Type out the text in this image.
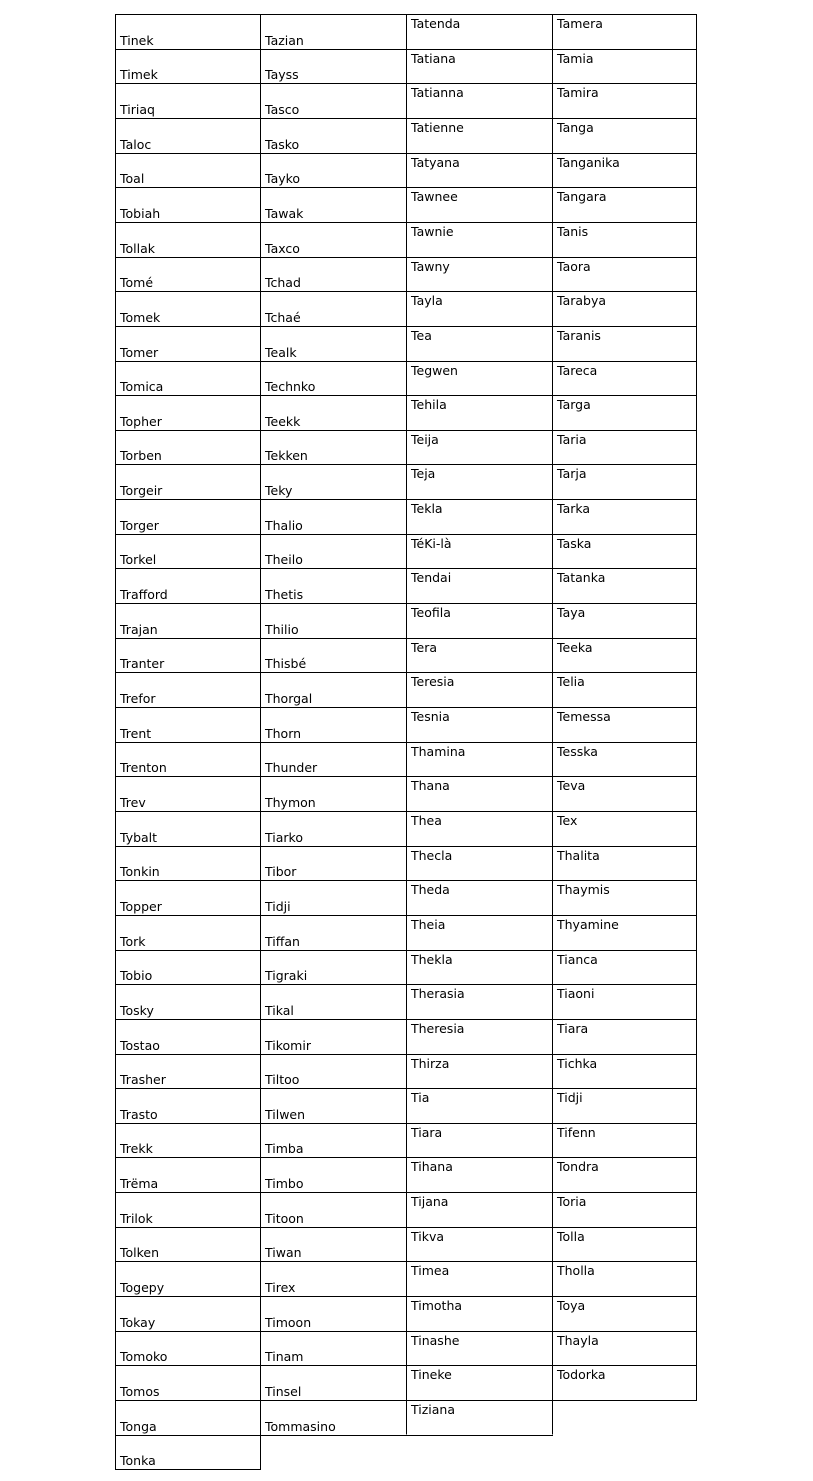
Tinek
Timek
Tiriaq
Taloc
Toal
Tobiah
Tollak
Tomé
Tomek
Tomer
Tomica
Topher
Torben
Torgeir
Torger
Torkel
Trafford
Trajan
Tranter
Trefor
Trent
Trenton
Trev
Tybalt
Tonkin
Topper
Tork
Tobio
Tosky
Tostao
Trasher
Trasto
Trekk
Trëma
Trilok
Tolken
Togepy
Tokay
Tomoko
Tomos
Tonga
Tonka
Tazian
Tayss
Tasco
Tasko
Tayko
Tawak
Taxco
Tchad
Tchaé
Tealk
Technko
Teekk
Tekken
Teky
Thalio
Theilo
Thetis
Thilio
Thisbé
Thorgal
Thorn
Thunder
Thymon
Tiarko
Tibor
Tidji
Tiffan
Tigraki
Tikal
Tikomir
Tiltoo
Tilwen
Timba
Timbo
Titoon
Tiwan
Tirex
Timoon
Tinam
Tinsel
Tommasino
Tatenda
Tatiana
Tatianna
Tatienne
Tatyana
Tawnee
Tawnie
Tawny
Tayla
Tea
Tegwen
Tehila
Teija
Teja
Tekla
TéKi-là
Tendai
Teofila
Tera
Teresia
Tesnia
Thamina
Thana
Thea
Thecla
Theda
Theia
Thekla
Therasia
Theresia
Thirza
Tia
Tiara
Tihana
Tijana
Tikva
Timea
Timotha
Tinashe
Tineke
Tiziana
Tamera
Tamia
Tamira
Tanga
Tanganika
Tangara
Tanis
Taora
Tarabya
Taranis
Tareca
Targa
Taria
Tarja
Tarka
Taska
Tatanka
Taya
Teeka
Telia
Temessa
Tesska
Teva
Tex
Thalita
Thaymis
Thyamine
Tianca
Tiaoni
Tiara
Tichka
Tidji
Tifenn
Tondra
Toria
Tolla
Tholla
Toya
Thayla
Todorka
